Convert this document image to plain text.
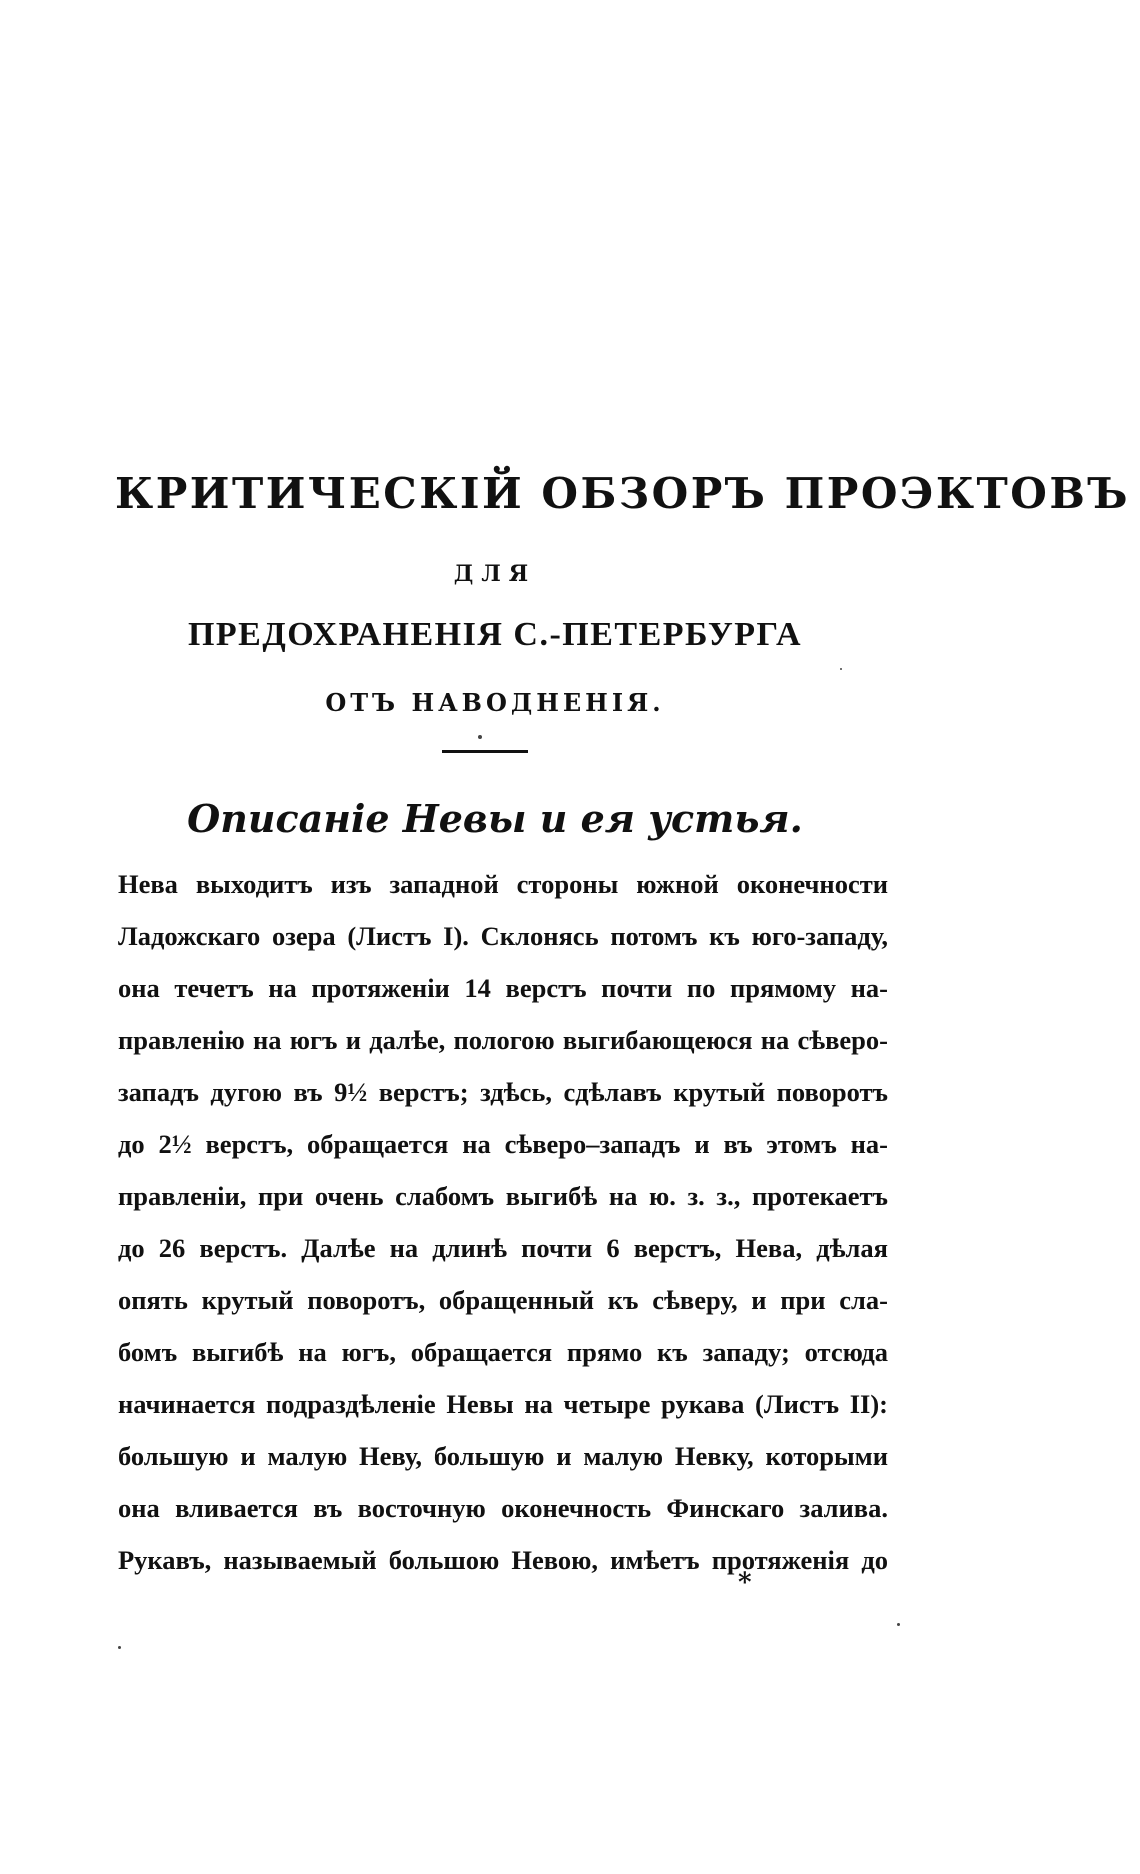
КРИТИЧЕСКІЙ ОБЗОРЪ ПРОЭКТОВЪ
ДЛЯ
ПРЕДОХРАНЕНІЯ С.-ПЕТЕРБУРГА
ОТЪ НАВОДНЕНІЯ.
Описаніе Невы и ея устья.
Нева выходитъ изъ западной стороны южной оконечности
Ладожскаго озера (Листъ I). Склонясь потомъ къ юго-западу,
она течетъ на протяженіи 14 верстъ почти по прямому на-
правленію на югъ и далѣе, пологою выгибающеюся на сѣверо-
западъ дугою въ 9½ верстъ; здѣсь, сдѣлавъ крутый поворотъ
до 2½ верстъ, обращается на сѣверо–западъ и въ этомъ на-
правленіи, при очень слабомъ выгибѣ на ю. з. з., протекаетъ
до 26 верстъ. Далѣе на длинѣ почти 6 верстъ, Нева, дѣлая
опять крутый поворотъ, обращенный къ сѣверу, и при сла-
бомъ выгибѣ на югъ, обращается прямо къ западу; отсюда
начинается подраздѣленіе Невы на четыре рукава (Листъ II):
большую и малую Неву, большую и малую Невку, которыми
она вливается въ восточную оконечность Финскаго залива.
Рукавъ, называемый большою Невою, имѣетъ протяженія до
*
